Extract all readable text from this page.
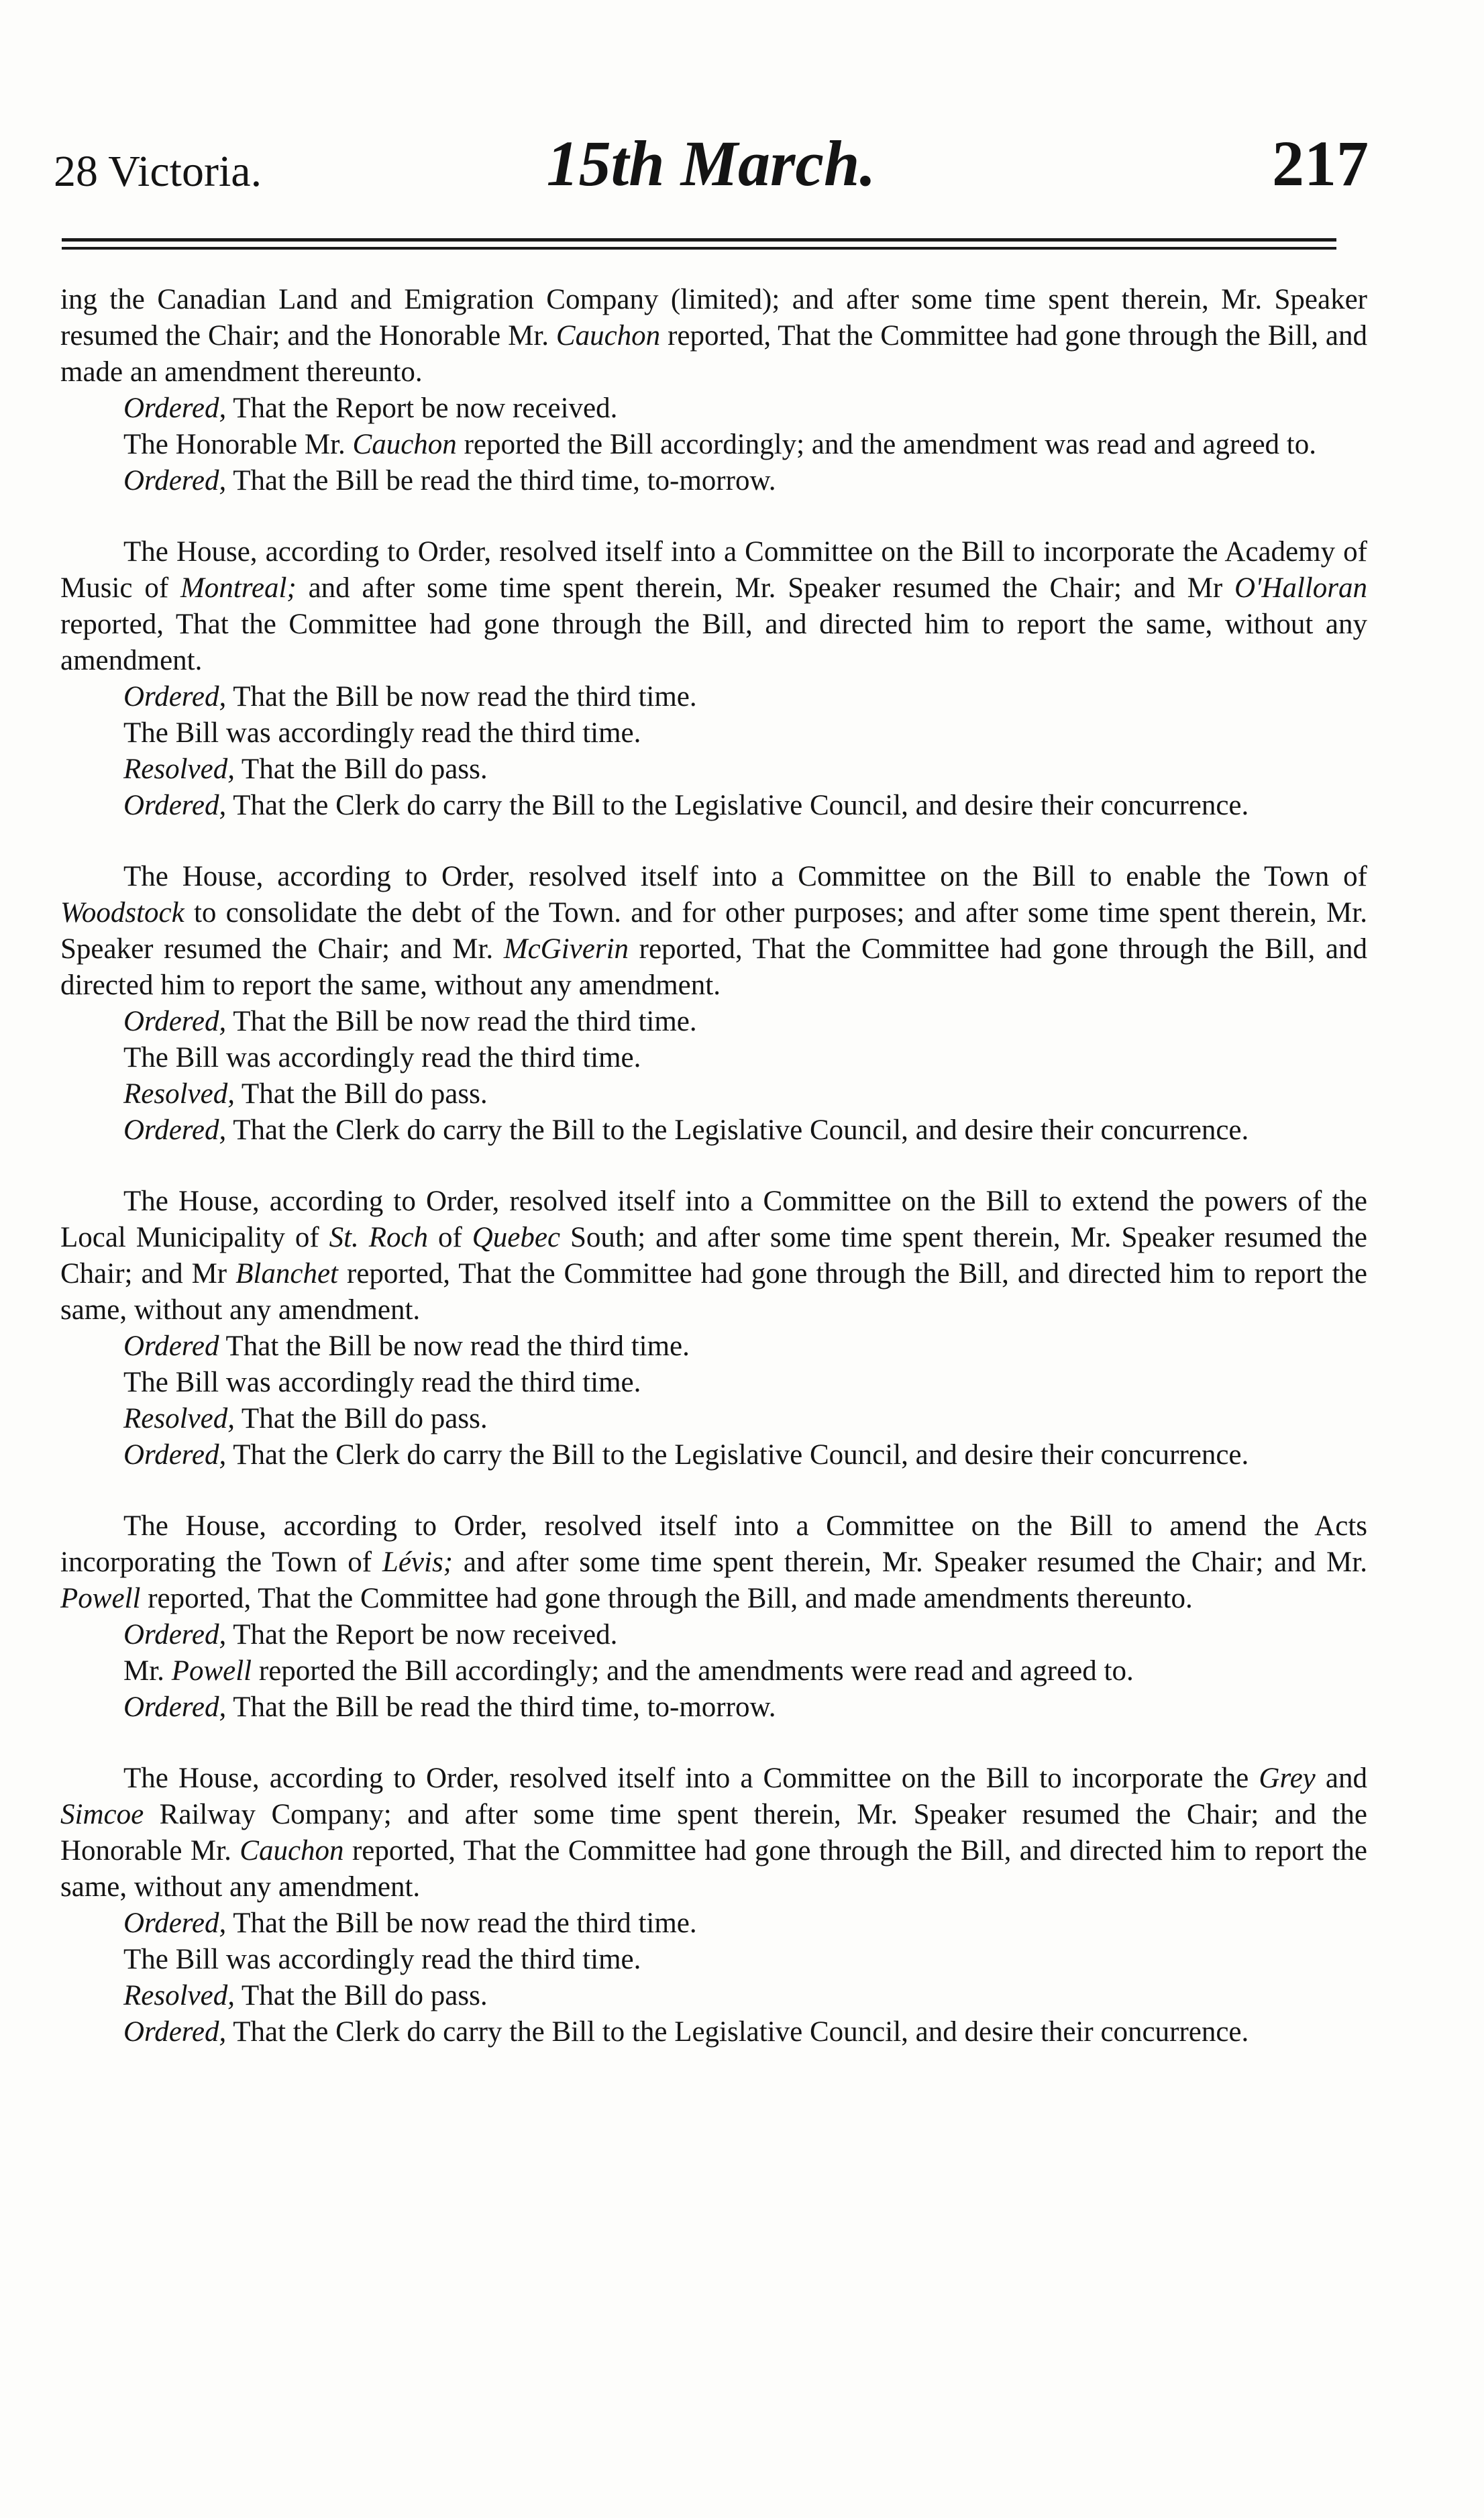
28 Victoria.	15th March.	217

ing the Canadian Land and Emigration Company (limited); and after some time spent therein, Mr. Speaker resumed the Chair; and the Honorable Mr. Cauchon reported, That the Committee had gone through the Bill, and made an amendment thereunto.

Ordered, That the Report be now received.

The Honorable Mr. Cauchon reported the Bill accordingly; and the amendment was read and agreed to.

Ordered, That the Bill be read the third time, to-morrow.

The House, according to Order, resolved itself into a Committee on the Bill to incorporate the Academy of Music of Montreal; and after some time spent therein, Mr. Speaker resumed the Chair; and Mr O'Halloran reported, That the Committee had gone through the Bill, and directed him to report the same, without any amendment.

Ordered, That the Bill be now read the third time.

The Bill was accordingly read the third time.

Resolved, That the Bill do pass.

Ordered, That the Clerk do carry the Bill to the Legislative Council, and desire their concurrence.

The House, according to Order, resolved itself into a Committee on the Bill to enable the Town of Woodstock to consolidate the debt of the Town. and for other purposes; and after some time spent therein, Mr. Speaker resumed the Chair; and Mr. McGiverin reported, That the Committee had gone through the Bill, and directed him to report the same, without any amendment.

Ordered, That the Bill be now read the third time.

The Bill was accordingly read the third time.

Resolved, That the Bill do pass.

Ordered, That the Clerk do carry the Bill to the Legislative Council, and desire their concurrence.

The House, according to Order, resolved itself into a Committee on the Bill to extend the powers of the Local Municipality of St. Roch of Quebec South; and after some time spent therein, Mr. Speaker resumed the Chair; and Mr Blanchet reported, That the Committee had gone through the Bill, and directed him to report the same, without any amendment.

Ordered That the Bill be now read the third time.

The Bill was accordingly read the third time.

Resolved, That the Bill do pass.

Ordered, That the Clerk do carry the Bill to the Legislative Council, and desire their concurrence.

The House, according to Order, resolved itself into a Committee on the Bill to amend the Acts incorporating the Town of Lévis; and after some time spent therein, Mr. Speaker resumed the Chair; and Mr. Powell reported, That the Committee had gone through the Bill, and made amendments thereunto.

Ordered, That the Report be now received.

Mr. Powell reported the Bill accordingly; and the amendments were read and agreed to.

Ordered, That the Bill be read the third time, to-morrow.

The House, according to Order, resolved itself into a Committee on the Bill to incorporate the Grey and Simcoe Railway Company; and after some time spent therein, Mr. Speaker resumed the Chair; and the Honorable Mr. Cauchon reported, That the Committee had gone through the Bill, and directed him to report the same, without any amendment.

Ordered, That the Bill be now read the third time.

The Bill was accordingly read the third time.

Resolved, That the Bill do pass.

Ordered, That the Clerk do carry the Bill to the Legislative Council, and desire their concurrence.
